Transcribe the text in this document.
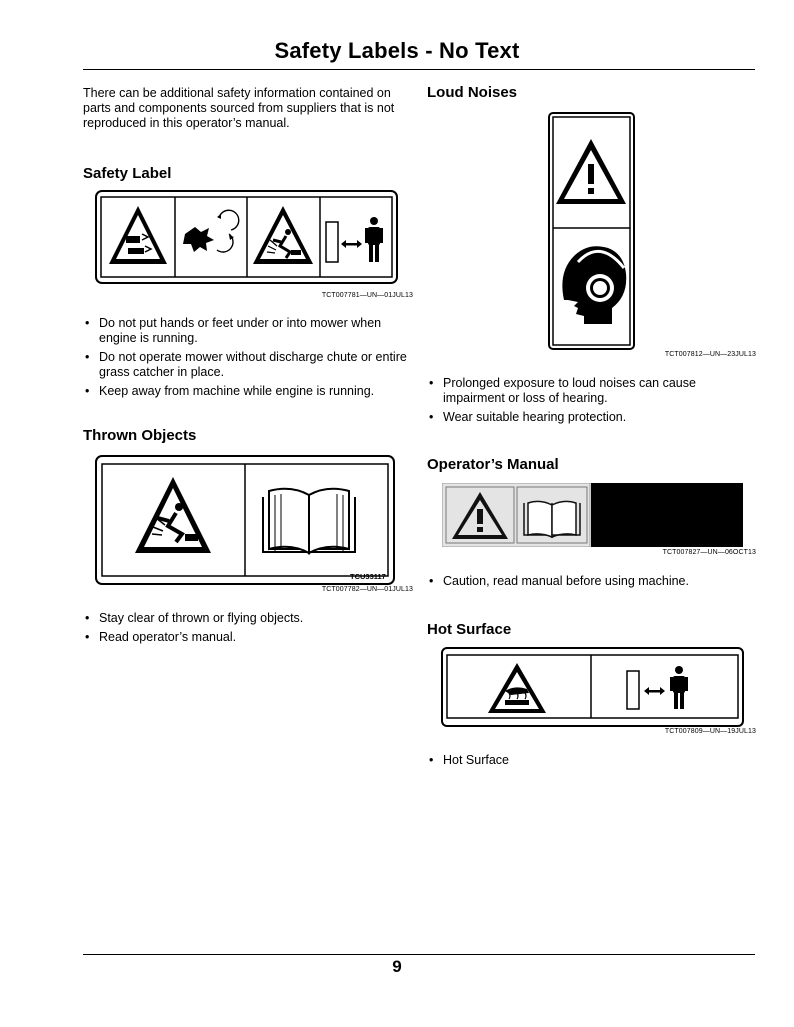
Safety Labels - No Text
There can be additional safety information contained on parts and components sourced from suppliers that is not reproduced in this operator’s manual.
Safety Label
TCT007781—UN—01JUL13
• Do not put hands or feet under or into mower when engine is running.
• Do not operate mower without discharge chute or entire grass catcher in place.
• Keep away from machine while engine is running.
Thrown Objects
TCU33117
TCT007782—UN—01JUL13
• Stay clear of thrown or flying objects.
• Read operator’s manual.
Loud Noises
TCT007812—UN—23JUL13
• Prolonged exposure to loud noises can cause impairment or loss of hearing.
• Wear suitable hearing protection.
Operator’s Manual
TCT007827—UN—06OCT13
• Caution, read manual before using machine.
Hot Surface
TCT007809—UN—19JUL13
• Hot Surface
9
